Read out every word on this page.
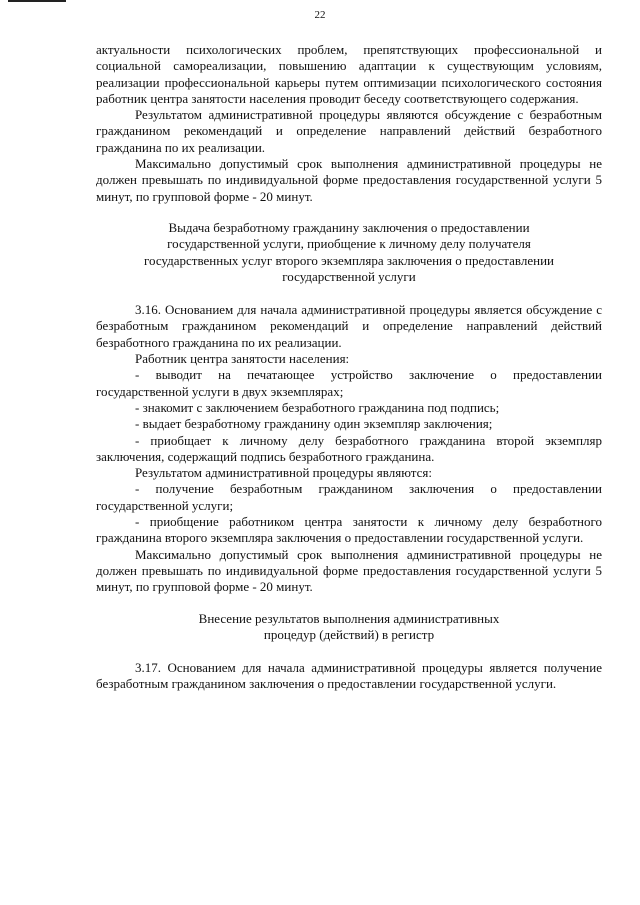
22

актуальности психологических проблем, препятствующих профессиональной и социальной самореализации, повышению адаптации к существующим условиям, реализации профессиональной карьеры путем оптимизации психологического состояния работник центра занятости населения проводит беседу соответствующего содержания.

Результатом административной процедуры являются обсуждение с безработным гражданином рекомендаций и определение направлений действий безработного гражданина по их реализации.

Максимально допустимый срок выполнения административной процедуры не должен превышать по индивидуальной форме предоставления государственной услуги 5 минут, по групповой форме - 20 минут.

Выдача безработному гражданину заключения о предоставлении
государственной услуги, приобщение к личному делу получателя
государственных услуг второго экземпляра заключения о предоставлении
государственной услуги

3.16. Основанием для начала административной процедуры является обсуждение с безработным гражданином рекомендаций и определение направлений действий безработного гражданина по их реализации.

Работник центра занятости населения:

- выводит на печатающее устройство заключение о предоставлении государственной услуги в двух экземплярах;

- знакомит с заключением безработного гражданина под подпись;

- выдает безработному гражданину один экземпляр заключения;

- приобщает к личному делу безработного гражданина второй экземпляр заключения, содержащий подпись безработного гражданина.

Результатом административной процедуры являются:

- получение безработным гражданином заключения о предоставлении государственной услуги;

- приобщение работником центра занятости к личному делу безработного гражданина второго экземпляра заключения о предоставлении государственной услуги.

Максимально допустимый срок выполнения административной процедуры не должен превышать по индивидуальной форме предоставления государственной услуги 5 минут, по групповой форме - 20 минут.

Внесение результатов выполнения административных
процедур (действий) в регистр

3.17. Основанием для начала административной процедуры является получение безработным гражданином заключения о предоставлении государственной услуги.
